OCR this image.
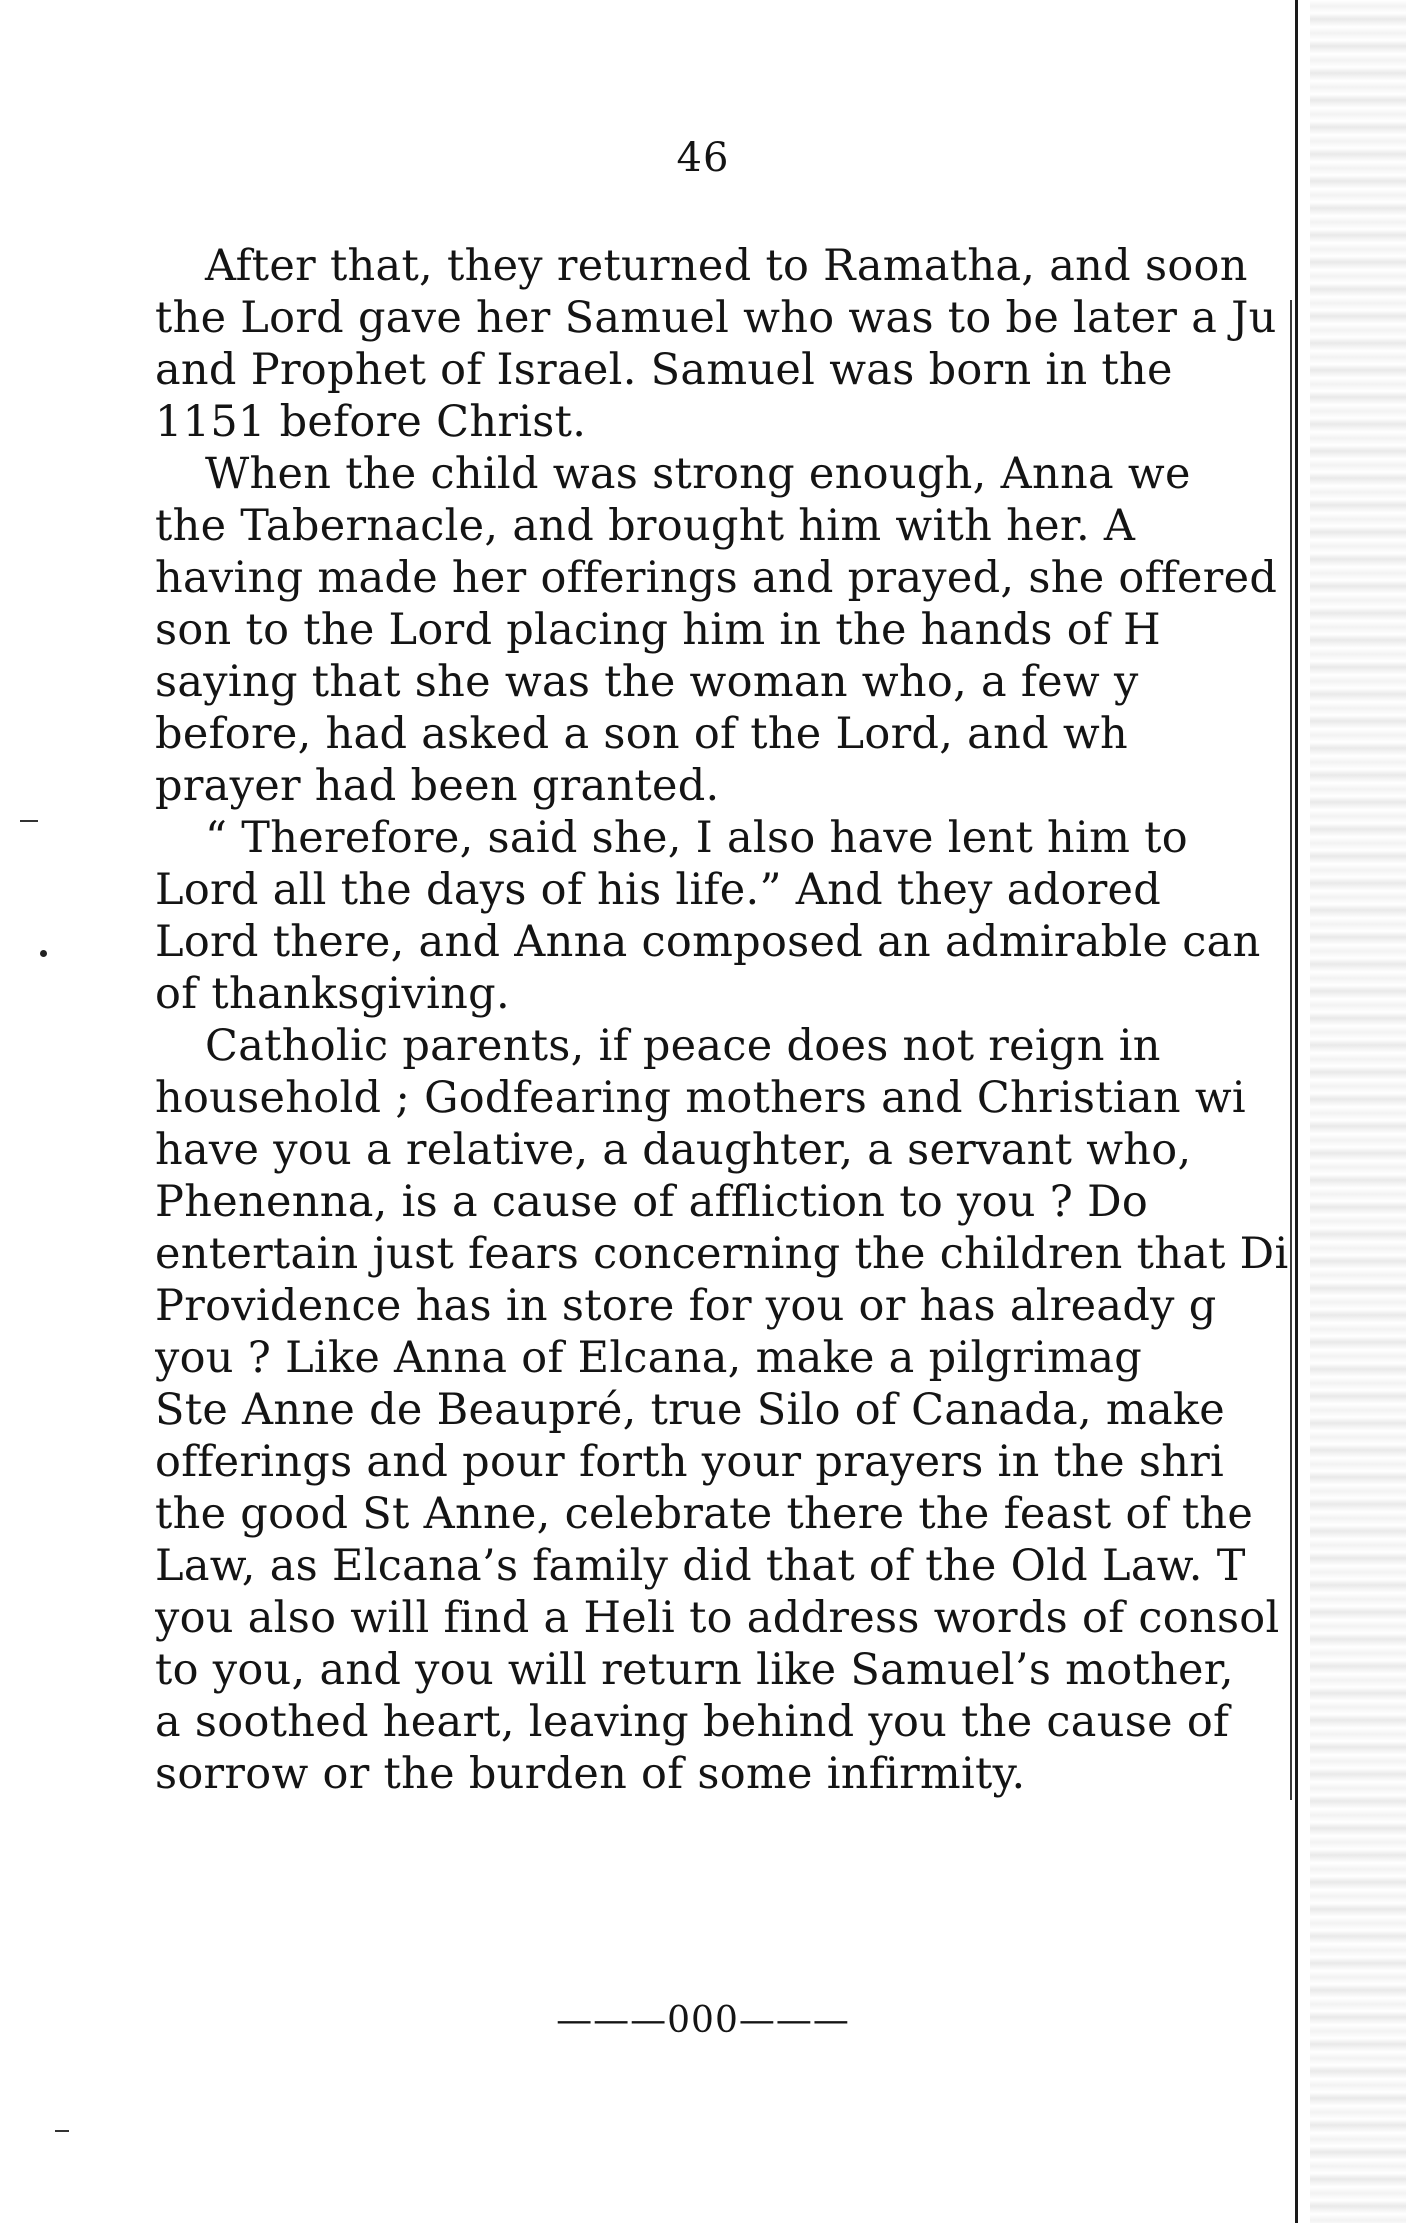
46
After that, they returned to Ramatha, and soon
the Lord gave her Samuel who was to be later a Ju
and Prophet of Israel. Samuel was born in the
1151 before Christ.
When the child was strong enough, Anna we
the Tabernacle, and brought him with her. A
having made her offerings and prayed, she offered
son to the Lord placing him in the hands of H
saying that she was the woman who, a few y
before, had asked a son of the Lord, and wh
prayer had been granted.
“ Therefore, said she, I also have lent him to
Lord all the days of his life.” And they adored
Lord there, and Anna composed an admirable can
of thanksgiving.
Catholic parents, if peace does not reign in
household ; Godfearing mothers and Christian wi
have you a relative, a daughter, a servant who,
Phenenna, is a cause of affliction to you ? Do
entertain just fears concerning the children that Di
Providence has in store for you or has already g
you ? Like Anna of Elcana, make a pilgrimag
Ste Anne de Beaupré, true Silo of Canada, make
offerings and pour forth your prayers in the shri
the good St Anne, celebrate there the feast of the
Law, as Elcana’s family did that of the Old Law. T
you also will find a Heli to address words of consol
to you, and you will return like Samuel’s mother,
a soothed heart, leaving behind you the cause of
sorrow or the burden of some infirmity.
———000———
